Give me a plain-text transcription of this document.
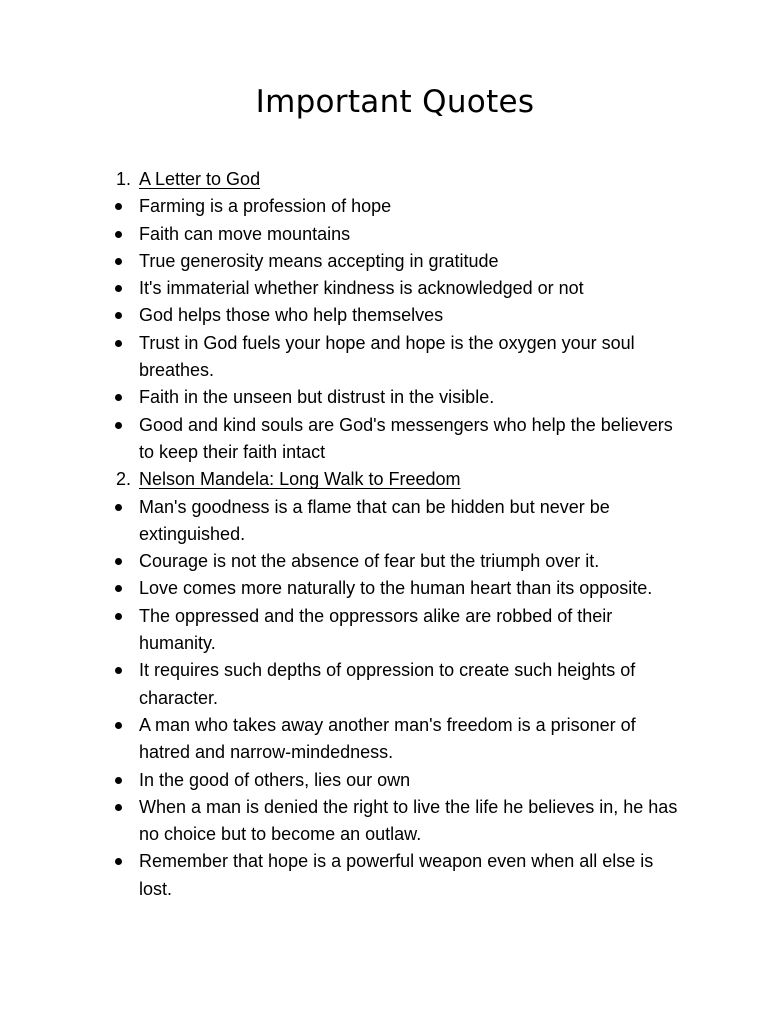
Important Quotes
1. A Letter to God
Farming is a profession of hope
Faith can move mountains
True generosity means accepting in gratitude
It's immaterial whether kindness is acknowledged or not
God helps those who help themselves
Trust in God fuels your hope and hope is the oxygen your soul breathes.
Faith in the unseen but distrust in the visible.
Good and kind souls are God's messengers who help the believers to keep their faith intact
2. Nelson Mandela: Long Walk to Freedom
Man's goodness is a flame that can be hidden but never be extinguished.
Courage is not the absence of fear but the triumph over it.
Love comes more naturally to the human heart than its opposite.
The oppressed and the oppressors alike are robbed of their humanity.
It requires such depths of oppression to create such heights of character.
A man who takes away another man's freedom is a prisoner of hatred and narrow-mindedness.
In the good of others, lies our own
When a man is denied the right to live the life he believes in, he has no choice but to become an outlaw.
Remember that hope is a powerful weapon even when all else is lost.
